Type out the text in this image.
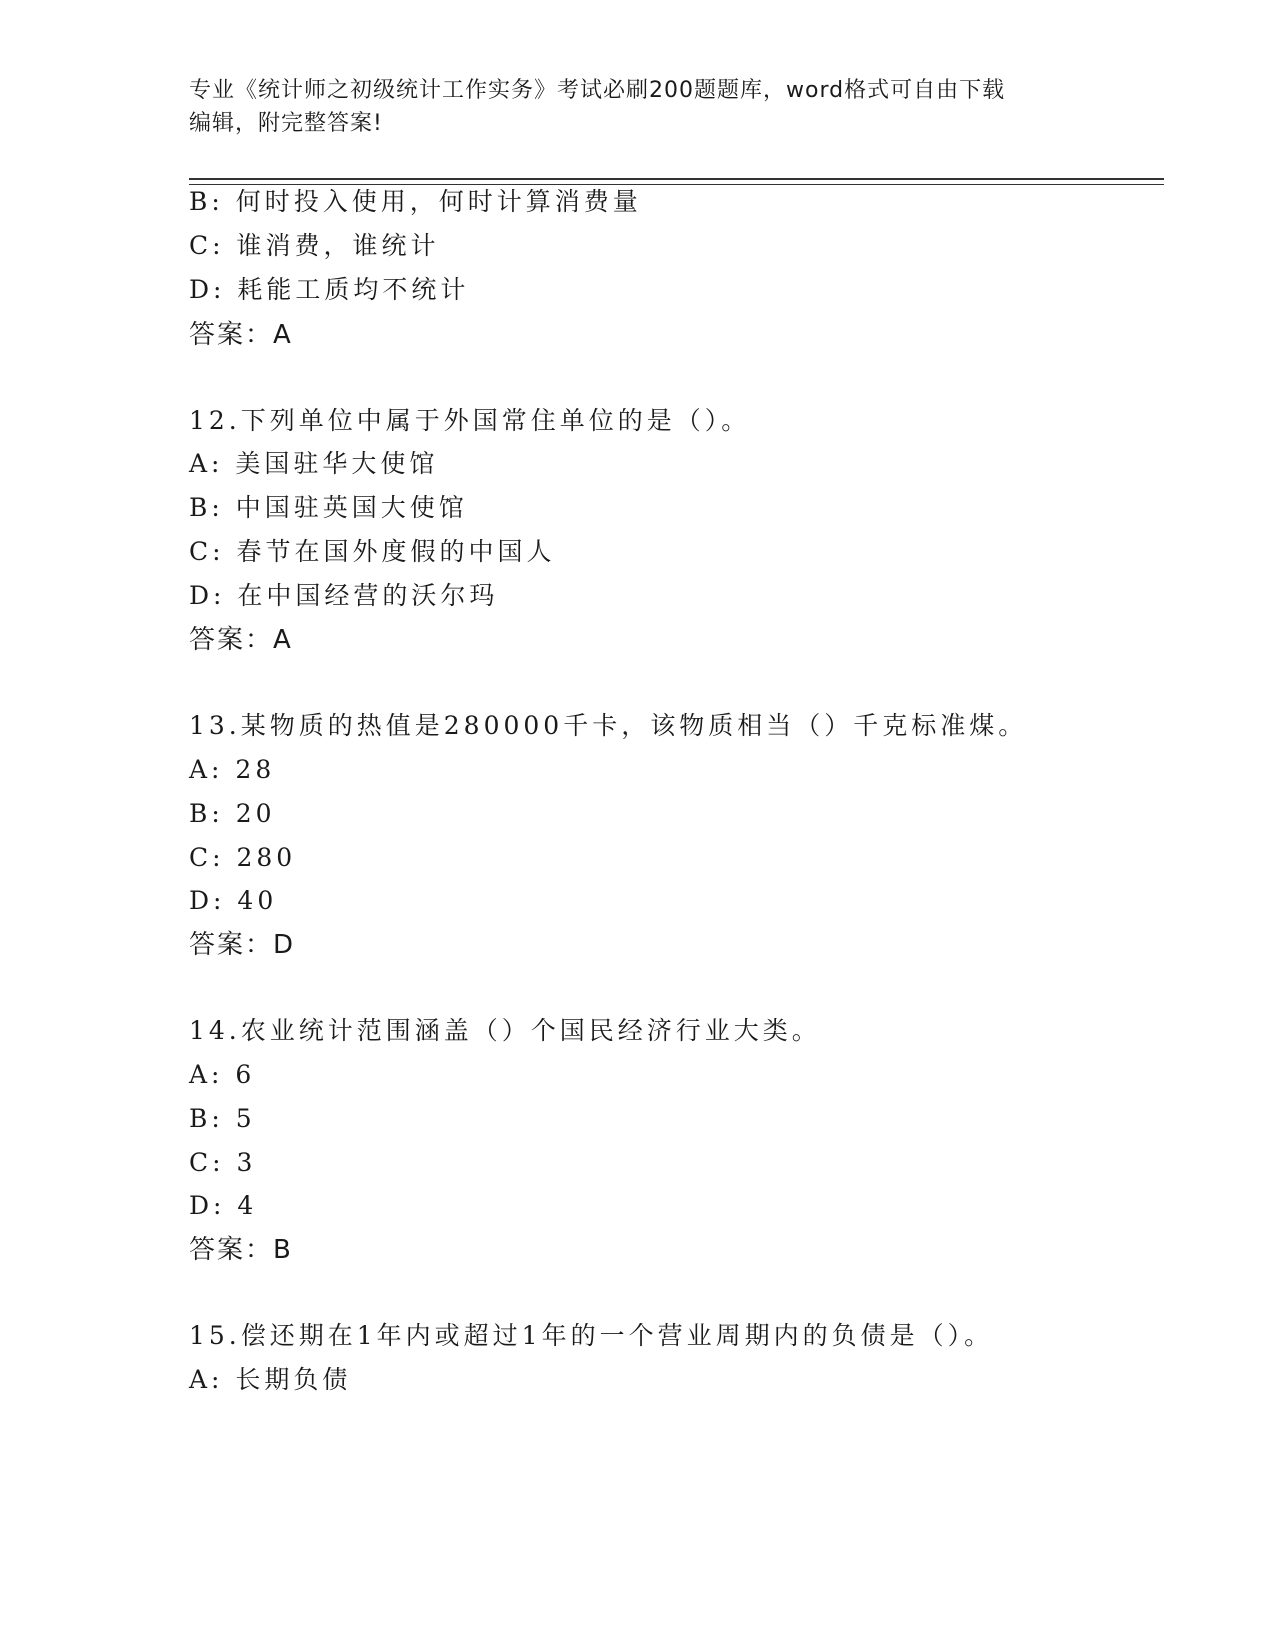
专业《统计师之初级统计工作实务》考试必刷200题题库，word格式可自由下载
编辑，附完整答案!
B: 何时投入使用，何时计算消费量
C: 谁消费，谁统计
D: 耗能工质均不统计
答案：A
12.下列单位中属于外国常住单位的是（）。
A: 美国驻华大使馆
B: 中国驻英国大使馆
C: 春节在国外度假的中国人
D: 在中国经营的沃尔玛
答案：A
13.某物质的热值是280000千卡，该物质相当（）千克标准煤。
A: 28
B: 20
C: 280
D: 40
答案：D
14.农业统计范围涵盖（）个国民经济行业大类。
A: 6
B: 5
C: 3
D: 4
答案：B
15.偿还期在1年内或超过1年的一个营业周期内的负债是（）。
A: 长期负债
